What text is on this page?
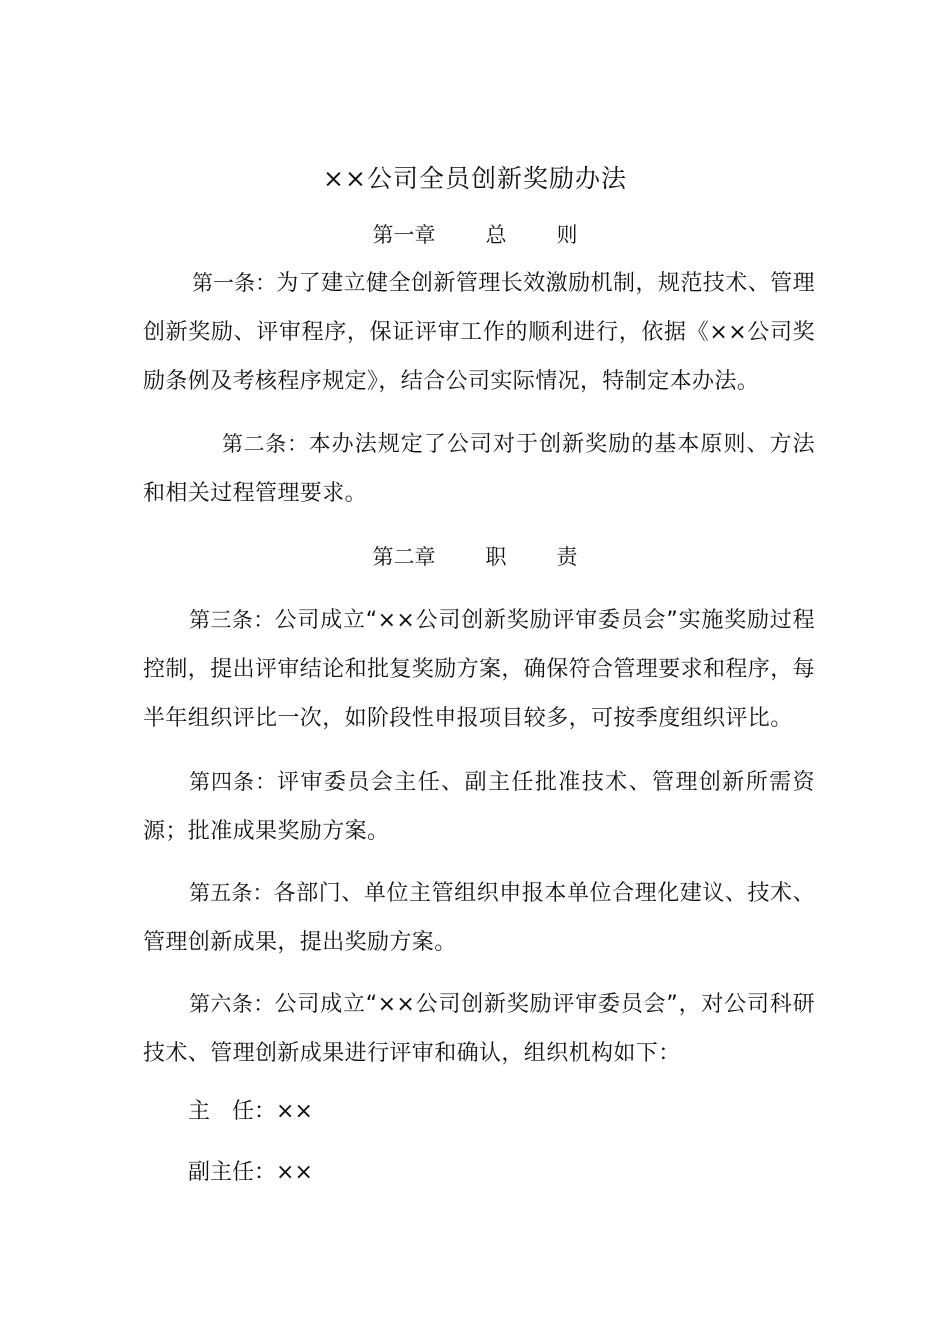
××公司全员创新奖励办法
第一章 总 则

第一条：为了建立健全创新管理长效激励机制，规范技术、管理创新奖励、评审程序，保证评审工作的顺利进行，依据《××公司奖励条例及考核程序规定》，结合公司实际情况，特制定本办法。

第二条：本办法规定了公司对于创新奖励的基本原则、方法和相关过程管理要求。

第二章 职 责

第三条：公司成立“××公司创新奖励评审委员会”实施奖励过程控制，提出评审结论和批复奖励方案，确保符合管理要求和程序，每半年组织评比一次，如阶段性申报项目较多，可按季度组织评比。

第四条：评审委员会主任、副主任批准技术、管理创新所需资源；批准成果奖励方案。

第五条：各部门、单位主管组织申报本单位合理化建议、技术、管理创新成果，提出奖励方案。

第六条：公司成立“××公司创新奖励评审委员会”，对公司科研技术、管理创新成果进行评审和确认，组织机构如下：

主　任：××

副主任：××
